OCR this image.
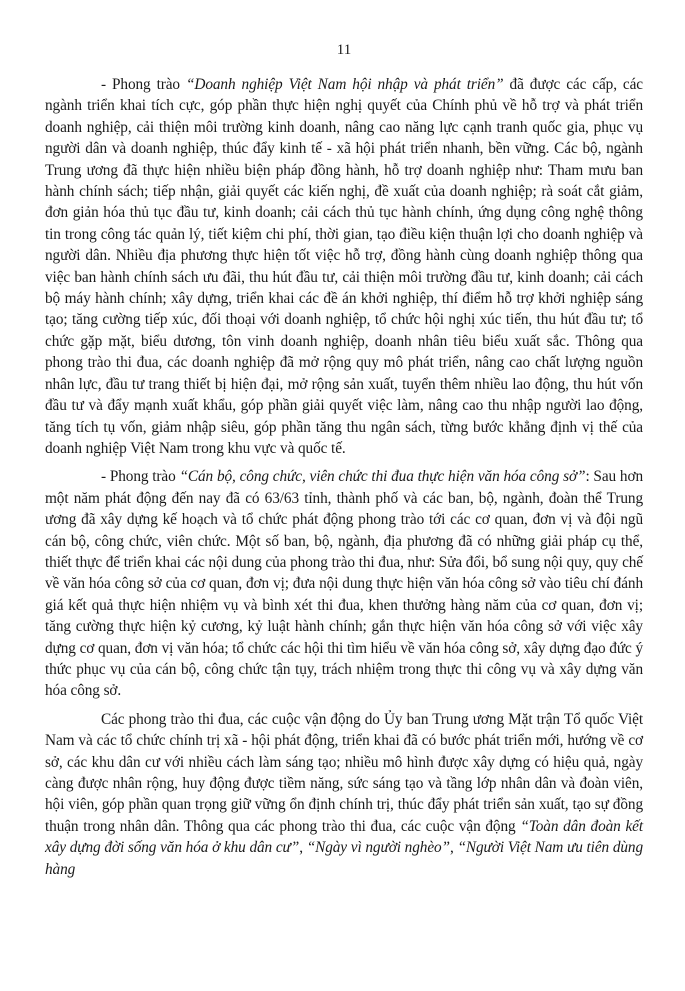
11

- Phong trào “Doanh nghiệp Việt Nam hội nhập và phát triển” đã được các cấp, các ngành triển khai tích cực, góp phần thực hiện nghị quyết của Chính phủ về hỗ trợ và phát triển doanh nghiệp, cải thiện môi trường kinh doanh, nâng cao năng lực cạnh tranh quốc gia, phục vụ người dân và doanh nghiệp, thúc đẩy kinh tế - xã hội phát triển nhanh, bền vững. Các bộ, ngành Trung ương đã thực hiện nhiều biện pháp đồng hành, hỗ trợ doanh nghiệp như: Tham mưu ban hành chính sách; tiếp nhận, giải quyết các kiến nghị, đề xuất của doanh nghiệp; rà soát cắt giảm, đơn giản hóa thủ tục đầu tư, kinh doanh; cải cách thủ tục hành chính, ứng dụng công nghệ thông tin trong công tác quản lý, tiết kiệm chi phí, thời gian, tạo điều kiện thuận lợi cho doanh nghiệp và người dân. Nhiều địa phương thực hiện tốt việc hỗ trợ, đồng hành cùng doanh nghiệp thông qua việc ban hành chính sách ưu đãi, thu hút đầu tư, cải thiện môi trường đầu tư, kinh doanh; cải cách bộ máy hành chính; xây dựng, triển khai các đề án khởi nghiệp, thí điểm hỗ trợ khởi nghiệp sáng tạo; tăng cường tiếp xúc, đối thoại với doanh nghiệp, tổ chức hội nghị xúc tiến, thu hút đầu tư; tổ chức gặp mặt, biểu dương, tôn vinh doanh nghiệp, doanh nhân tiêu biểu xuất sắc. Thông qua phong trào thi đua, các doanh nghiệp đã mở rộng quy mô phát triển, nâng cao chất lượng nguồn nhân lực, đầu tư trang thiết bị hiện đại, mở rộng sản xuất, tuyển thêm nhiều lao động, thu hút vốn đầu tư và đẩy mạnh xuất khẩu, góp phần giải quyết việc làm, nâng cao thu nhập người lao động, tăng tích tụ vốn, giảm nhập siêu, góp phần tăng thu ngân sách, từng bước khẳng định vị thế của doanh nghiệp Việt Nam trong khu vực và quốc tế.

- Phong trào “Cán bộ, công chức, viên chức thi đua thực hiện văn hóa công sở”: Sau hơn một năm phát động đến nay đã có 63/63 tỉnh, thành phố và các ban, bộ, ngành, đoàn thể Trung ương đã xây dựng kế hoạch và tổ chức phát động phong trào tới các cơ quan, đơn vị và đội ngũ cán bộ, công chức, viên chức. Một số ban, bộ, ngành, địa phương đã có những giải pháp cụ thể, thiết thực để triển khai các nội dung của phong trào thi đua, như: Sửa đổi, bổ sung nội quy, quy chế về văn hóa công sở của cơ quan, đơn vị; đưa nội dung thực hiện văn hóa công sở vào tiêu chí đánh giá kết quả thực hiện nhiệm vụ và bình xét thi đua, khen thưởng hàng năm của cơ quan, đơn vị; tăng cường thực hiện kỷ cương, kỷ luật hành chính; gắn thực hiện văn hóa công sở với việc xây dựng cơ quan, đơn vị văn hóa; tổ chức các hội thi tìm hiểu về văn hóa công sở, xây dựng đạo đức ý thức phục vụ của cán bộ, công chức tận tụy, trách nhiệm trong thực thi công vụ và xây dựng văn hóa công sở.

Các phong trào thi đua, các cuộc vận động do Ủy ban Trung ương Mặt trận Tổ quốc Việt Nam và các tổ chức chính trị xã - hội phát động, triển khai đã có bước phát triển mới, hướng về cơ sở, các khu dân cư với nhiều cách làm sáng tạo; nhiều mô hình được xây dựng có hiệu quả, ngày càng được nhân rộng, huy động được tiềm năng, sức sáng tạo và tầng lớp nhân dân và đoàn viên, hội viên, góp phần quan trọng giữ vững ổn định chính trị, thúc đẩy phát triển sản xuất, tạo sự đồng thuận trong nhân dân. Thông qua các phong trào thi đua, các cuộc vận động “Toàn dân đoàn kết xây dựng đời sống văn hóa ở khu dân cư”, “Ngày vì người nghèo”, “Người Việt Nam ưu tiên dùng hàng
